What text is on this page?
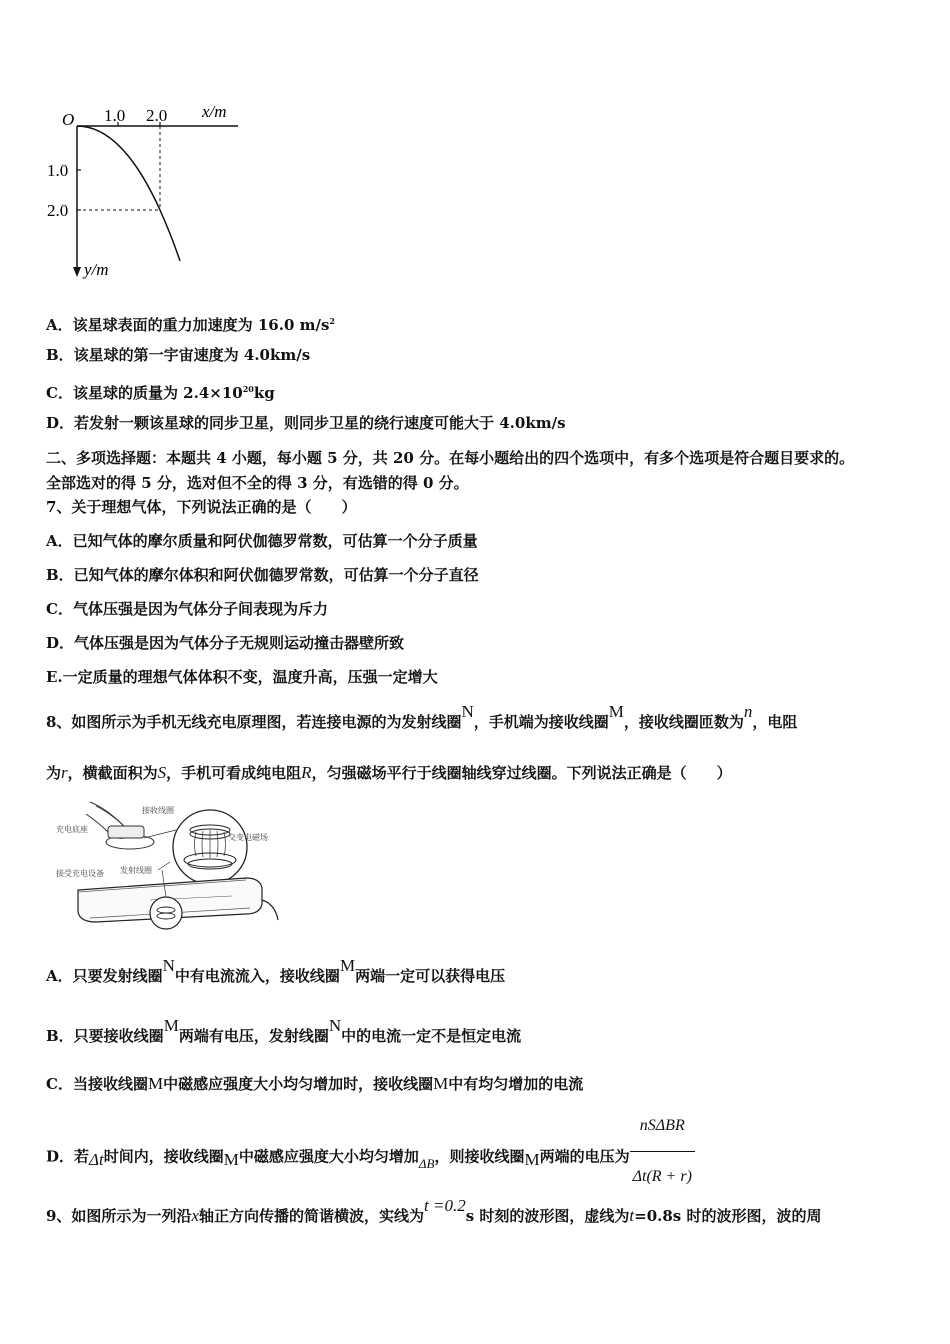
O 1.0 2.0 x/m
1.0
2.0
y/m
A．该星球表面的重力加速度为 16.0 $m/s^2$
B．该星球的第一宇宙速度为 4.0km/s
C．该星球的质量为 $2.4\times 10^{20}kg$
D．若发射一颗该星球的同步卫星，则同步卫星的绕行速度可能大于 4.0km/s
二、多项选择题：本题共 4 小题，每小题 5 分，共 20 分。在每小题给出的四个选项中，有多个选项是符合题目要求的。
全部选对的得 5 分，选对但不全的得 3 分，有选错的得 0 分。
7、关于理想气体，下列说法正确的是（　　）
A．已知气体的摩尔质量和阿伏伽德罗常数，可估算一个分子质量
B．已知气体的摩尔体积和阿伏伽德罗常数，可估算一个分子直径
C．气体压强是因为气体分子间表现为斥力
D．气体压强是因为气体分子无规则运动撞击器壁所致
E.一定质量的理想气体体积不变，温度升高，压强一定增大
8、如图所示为手机无线充电原理图，若连接电源的为发射线圈N，手机端为接收线圈M，接收线圈匝数为n，电阻
为r，横截面积为S，手机可看成纯电阻R，匀强磁场平行于线圈轴线穿过线圈。下列说法正确是（　　）
充电底座
接收线圈
交变电磁场
接受充电设备 发射线圈
A．只要发射线圈N中有电流流入，接收线圈M两端一定可以获得电压
B．只要接收线圈M两端有电压，发射线圈N中的电流一定不是恒定电流
C．当接收线圈M中磁感应强度大小均匀增加时，接收线圈M中有均匀增加的电流
D．若Δt时间内，接收线圈M中磁感应强度大小均匀增加ΔB，则接收线圈M两端的电压为 $\frac{\text{nSΔBR}}{\Delta t(R + r)}$
9、如图所示为一列沿x轴正方向传播的简谐横波，实线为t =0.2s 时刻的波形图，虚线为t=0.8s 时的波形图，波的周
